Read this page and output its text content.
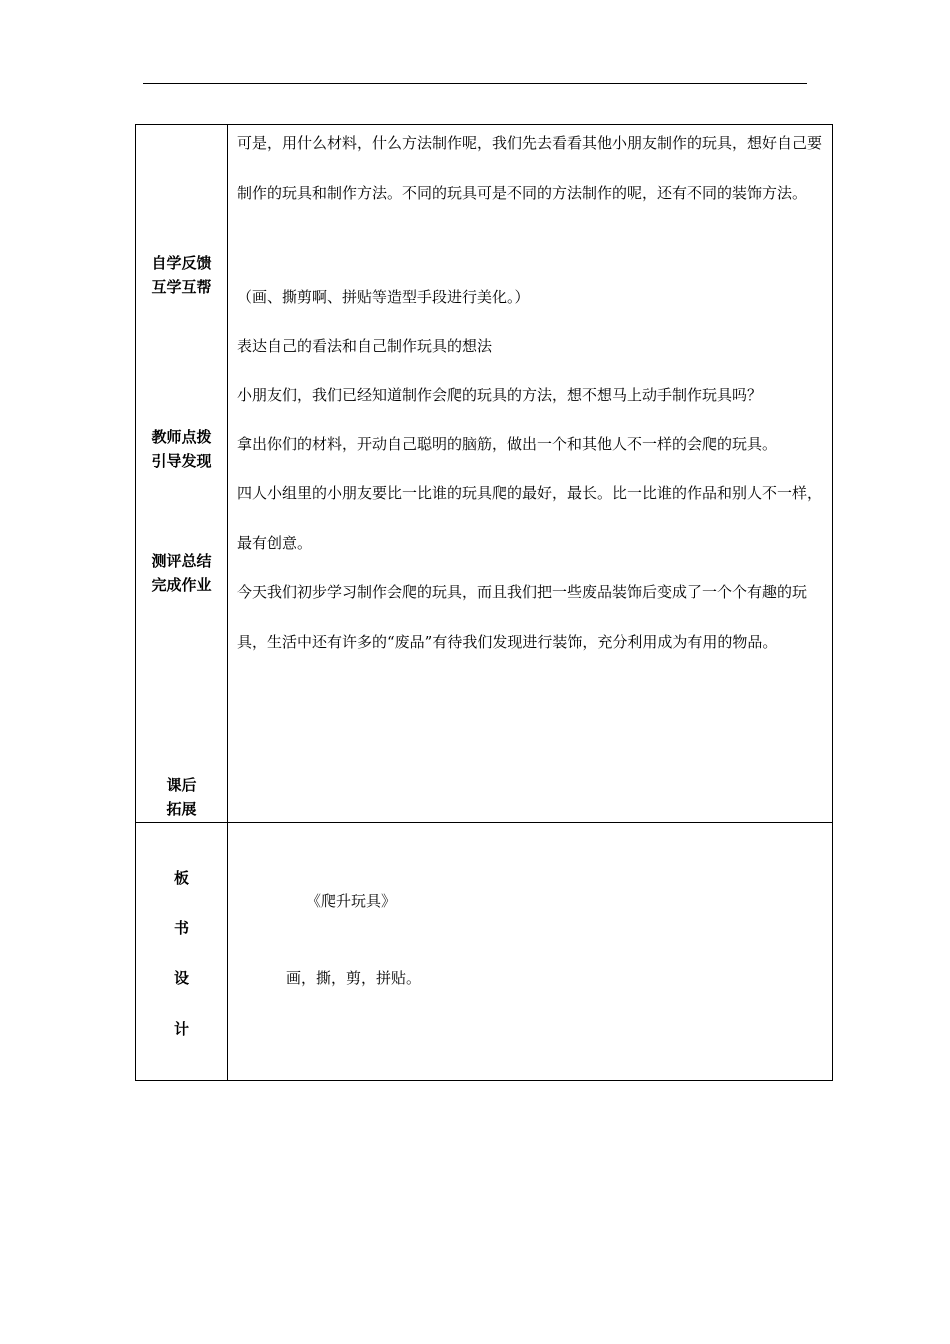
自学反馈
互学互帮
教师点拨
引导发现
测评总结
完成作业
课后
拓展
板
书
设
计

可是，用什么材料，什么方法制作呢，我们先去看看其他小朋友制作的玩具，想好自己要制作的玩具和制作方法。不同的玩具可是不同的方法制作的呢，还有不同的装饰方法。

（画、撕剪啊、拼贴等造型手段进行美化。）
表达自己的看法和自己制作玩具的想法
小朋友们，我们已经知道制作会爬的玩具的方法，想不想马上动手制作玩具吗？
拿出你们的材料，开动自己聪明的脑筋，做出一个和其他人不一样的会爬的玩具。

四人小组里的小朋友要比一比谁的玩具爬的最好，最长。比一比谁的作品和别人不一样，最有创意。

今天我们初步学习制作会爬的玩具，而且我们把一些废品装饰后变成了一个个有趣的玩具，生活中还有许多的“废品”有待我们发现进行装饰，充分利用成为有用的物品。

《爬升玩具》
画，撕，剪，拼贴。
